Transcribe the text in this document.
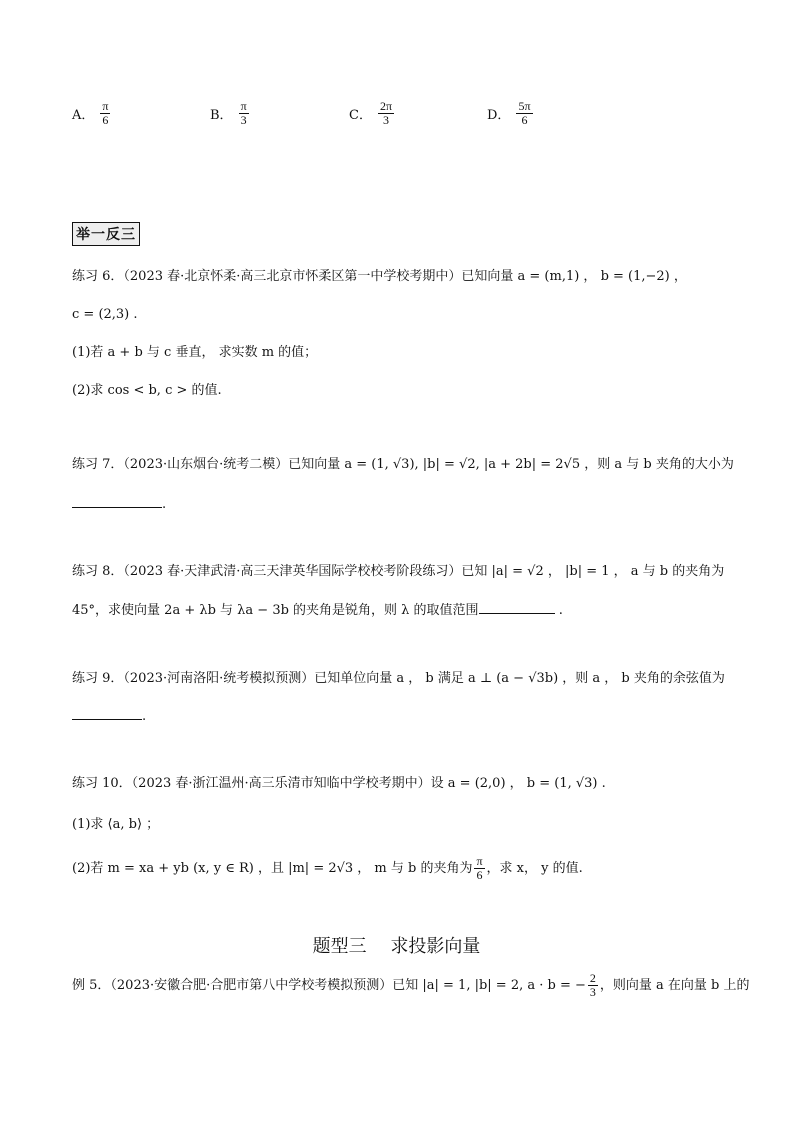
A． $\frac{\pi}{6}$	B． $\frac{\pi}{3}$	C． $\frac{2\pi}{3}$	D． $\frac{5\pi}{6}$
举一反三
练习 6．（2023 春·北京怀柔·高三北京市怀柔区第一中学校考期中）已知向量 a = (m,1) ， b = (1,−2) ，
c = (2,3) .
(1)若 a + b 与 c 垂直， 求实数 m 的值；
(2)求 cos < b, c > 的值.
练习 7．（2023·山东烟台·统考二模）已知向量 a = (1, √3), |b| = √2, |a + 2b| = 2√5 ，则 a 与 b 夹角的大小为
.
练习 8．（2023 春·天津武清·高三天津英华国际学校校考阶段练习）已知 |a| = √2 ， |b| = 1 ， a 与 b 的夹角为
45°，求使向量 2a + λb 与 λa − 3b 的夹角是锐角，则 λ 的取值范围	.
练习 9．（2023·河南洛阳·统考模拟预测）已知单位向量 a ， b 满足 a ⊥ (a − √3b) ，则 a ， b 夹角的余弦值为
.
练习 10．（2023 春·浙江温州·高三乐清市知临中学校考期中）设 a = (2,0) ， b = (1, √3) .
(1)求 ⟨a, b⟩ ；
(2)若 m = xa + yb (x, y ∈ R) ，且 |m| = 2√3 ， m 与 b 的夹角为 $\frac{\pi}{6}$ ，求 x， y 的值.
题型三　 求投影向量
例 5．（2023·安徽合肥·合肥市第八中学校考模拟预测）已知 |a| = 1, |b| = 2, a · b = − $\frac{2}{3}$ ，则向量 a 在向量 b 上的
